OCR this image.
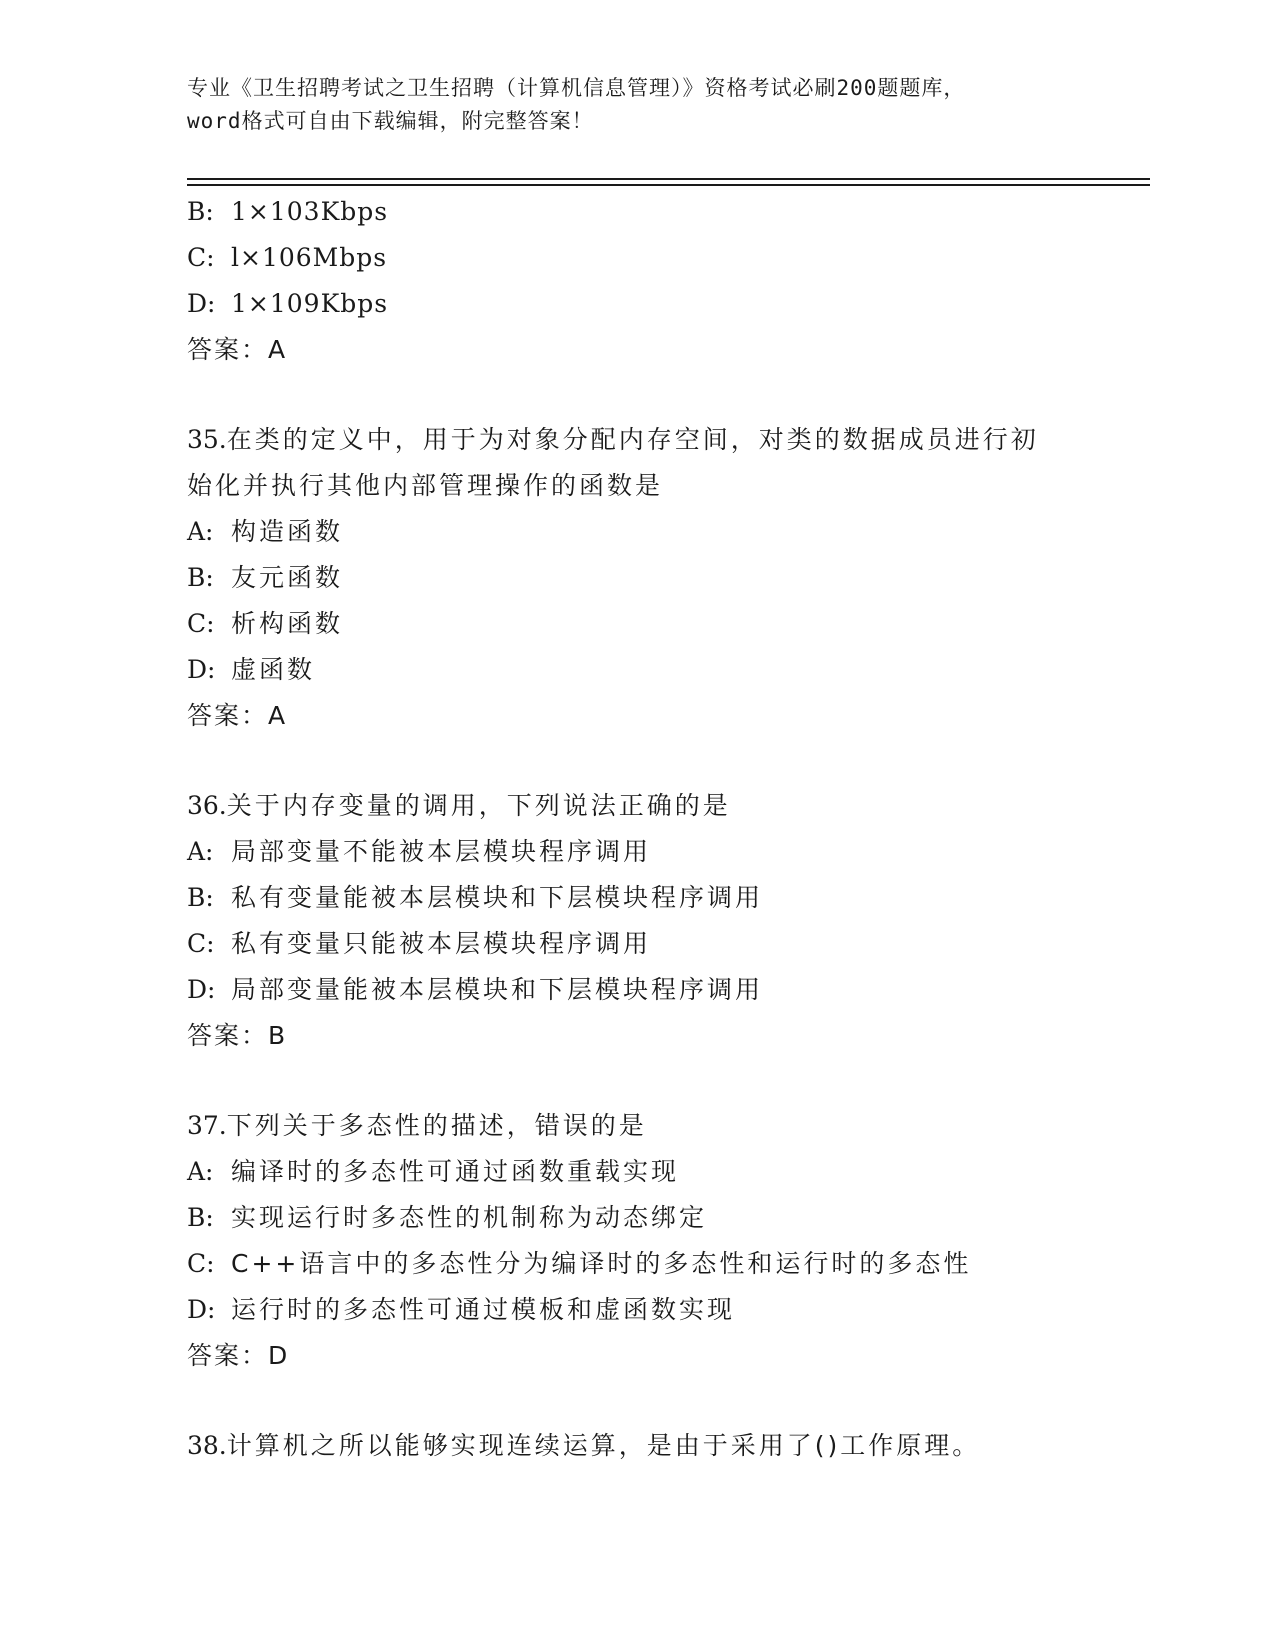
专业《卫生招聘考试之卫生招聘（计算机信息管理）》资格考试必刷200题题库，
word格式可自由下载编辑，附完整答案！
B: 1×103Kbps
C: l×106Mbps
D: 1×109Kbps
答案：A
35.在类的定义中，用于为对象分配内存空间，对类的数据成员进行初
始化并执行其他内部管理操作的函数是
A: 构造函数
B: 友元函数
C: 析构函数
D: 虚函数
答案：A
36.关于内存变量的调用，下列说法正确的是
A: 局部变量不能被本层模块程序调用
B: 私有变量能被本层模块和下层模块程序调用
C: 私有变量只能被本层模块程序调用
D: 局部变量能被本层模块和下层模块程序调用
答案：B
37.下列关于多态性的描述，错误的是
A: 编译时的多态性可通过函数重载实现
B: 实现运行时多态性的机制称为动态绑定
C: C++语言中的多态性分为编译时的多态性和运行时的多态性
D: 运行时的多态性可通过模板和虚函数实现
答案：D
38.计算机之所以能够实现连续运算，是由于采用了()工作原理。
